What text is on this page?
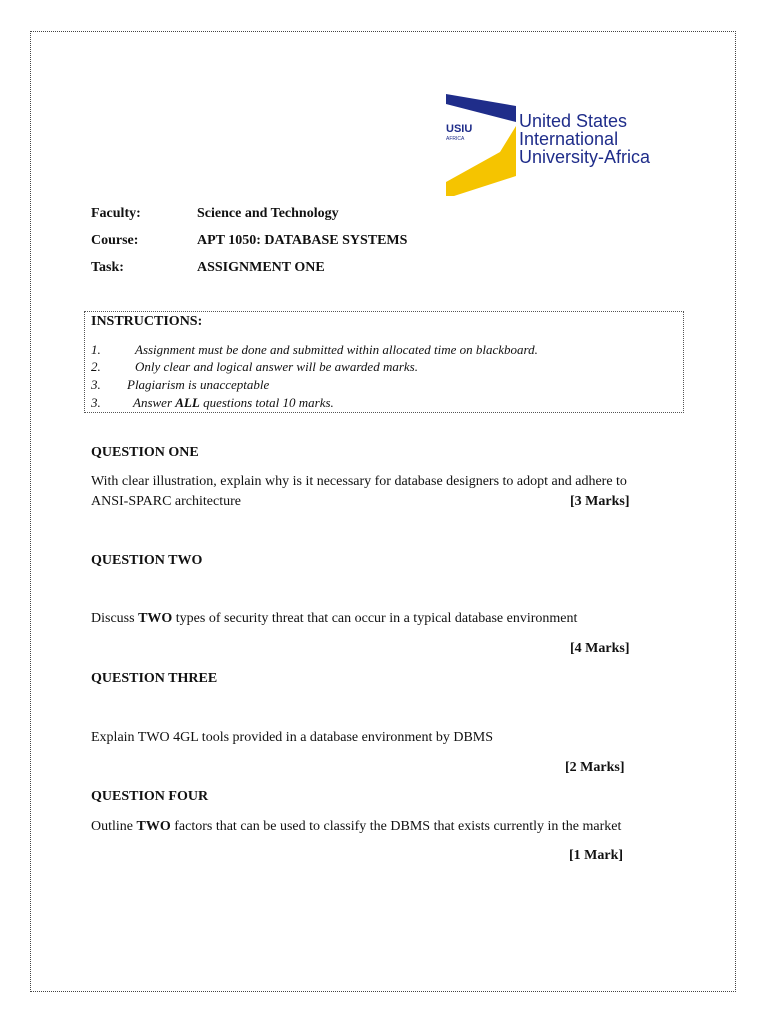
USIU
AFRICA
United States
International
University-Africa
Faculty:	Science and Technology
Course:	APT 1050: DATABASE SYSTEMS
Task:	ASSIGNMENT ONE
INSTRUCTIONS:
1.	Assignment must be done and submitted within allocated time on blackboard.
2.	Only clear and logical answer will be awarded marks.
3. Plagiarism is unacceptable
3. Answer ALL questions total 10 marks.
QUESTION ONE
With clear illustration, explain why is it necessary for database designers to adopt and adhere to
ANSI-SPARC architecture	[3 Marks]
QUESTION TWO
Discuss TWO types of security threat that can occur in a typical database environment
[4 Marks]
QUESTION THREE
Explain TWO 4GL tools provided in a database environment by DBMS
[2 Marks]
QUESTION FOUR
Outline TWO factors that can be used to classify the DBMS that exists currently in the market
[1 Mark]
